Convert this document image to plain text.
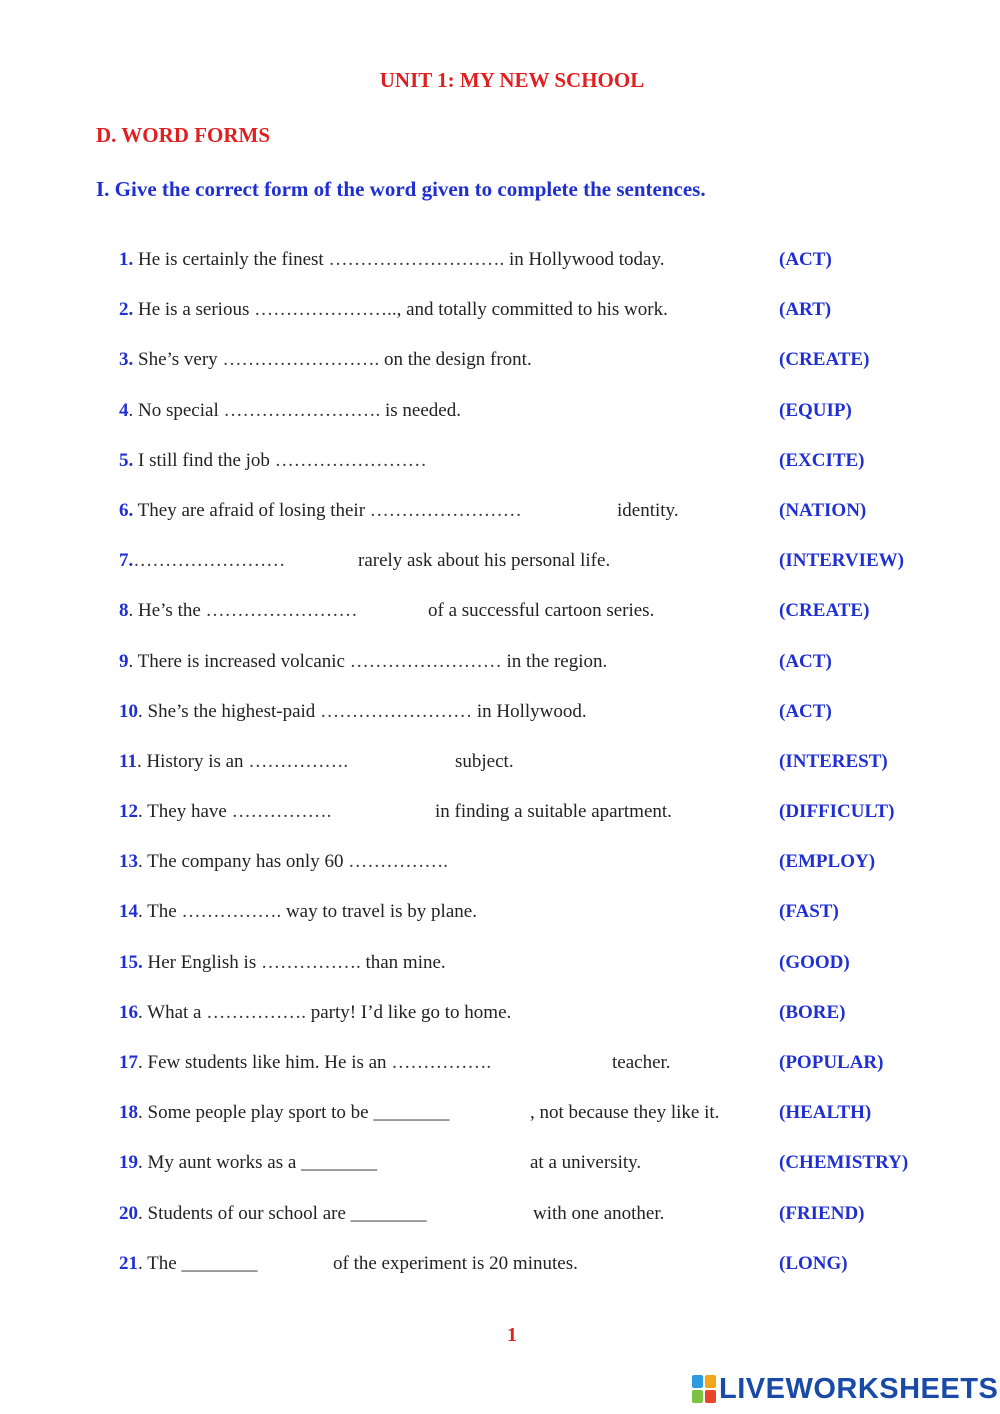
UNIT 1: MY NEW SCHOOL
D. WORD FORMS
I. Give the correct form of the word given to complete the sentences.
1. He is certainly the finest ………………………. in Hollywood today.	(ACT)
2. He is a serious ………………….., and totally committed to his work.	(ART)
3. She’s very ……………………. on the design front.	(CREATE)
4. No special ……………………. is needed.	(EQUIP)
5. I still find the job ……………………	(EXCITE)
6. They are afraid of losing their ……………………	identity.	(NATION)
7.……………………	rarely ask about his personal life.	(INTERVIEW)
8. He’s the ……………………	of a successful cartoon series.	(CREATE)
9. There is increased volcanic …………………… in the region.	(ACT)
10. She’s the highest-paid …………………… in Hollywood.	(ACT)
11. History is an …………….	subject.	(INTEREST)
12. They have …………….	in finding a suitable apartment.	(DIFFICULT)
13. The company has only 60 …………….	(EMPLOY)
14. The ……………. way to travel is by plane.	(FAST)
15. Her English is ……………. than mine.	(GOOD)
16. What a ……………. party! I’d like go to home.	(BORE)
17. Few students like him. He is an …………….	teacher.	(POPULAR)
18. Some people play sport to be ________	, not because they like it.	(HEALTH)
19. My aunt works as a ________	at a university.	(CHEMISTRY)
20. Students of our school are ________	with one another.	(FRIEND)
21. The ________	of the experiment is 20 minutes.	(LONG)
1
LIVEWORKSHEETS
